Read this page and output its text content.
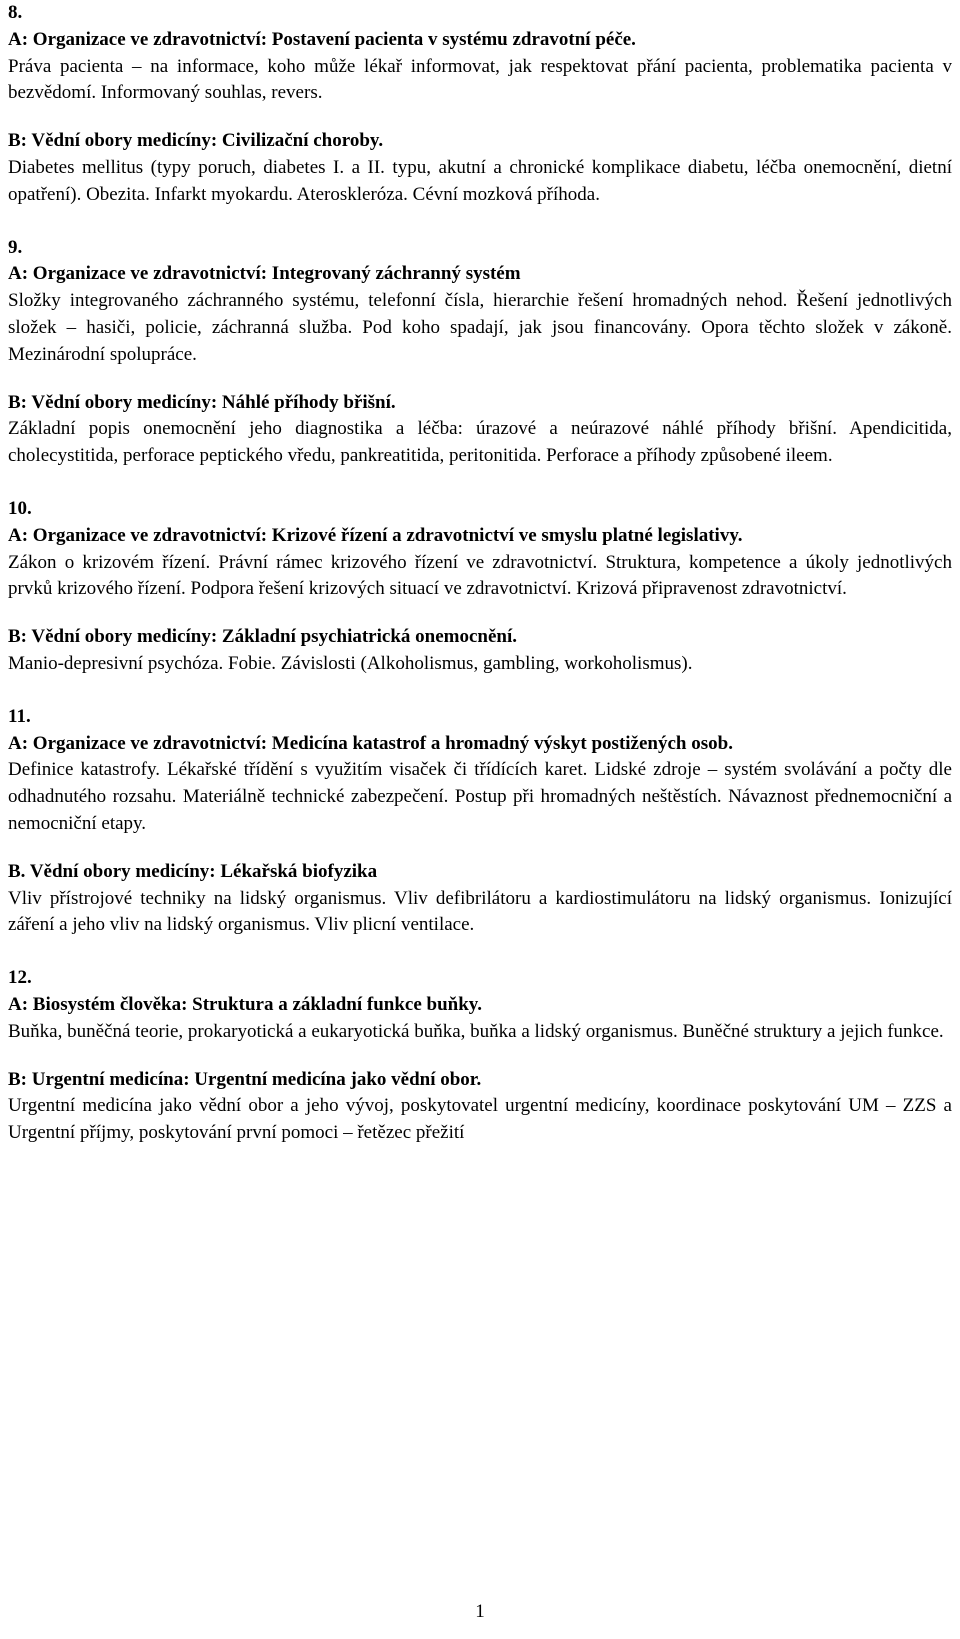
8.

A: Organizace ve zdravotnictví: Postavení pacienta v systému zdravotní péče.

Práva pacienta – na informace, koho může lékař informovat, jak respektovat přání pacienta, problematika pacienta v bezvědomí. Informovaný souhlas, revers.

B: Vědní obory medicíny: Civilizační choroby.

Diabetes mellitus (typy poruch, diabetes I. a II. typu, akutní a chronické komplikace diabetu, léčba onemocnění, dietní opatření). Obezita. Infarkt myokardu. Ateroskleróza. Cévní mozková příhoda.

9.

A: Organizace ve zdravotnictví: Integrovaný záchranný systém

Složky integrovaného záchranného systému, telefonní čísla, hierarchie řešení hromadných nehod. Řešení jednotlivých složek – hasiči, policie, záchranná služba. Pod koho spadají, jak jsou financovány. Opora těchto složek v zákoně. Mezinárodní spolupráce.

B: Vědní obory medicíny: Náhlé příhody břišní.

Základní popis onemocnění jeho diagnostika a léčba: úrazové a neúrazové náhlé příhody břišní. Apendicitida, cholecystitida, perforace peptického vředu, pankreatitida, peritonitida. Perforace a příhody způsobené ileem.

10.

A: Organizace ve zdravotnictví: Krizové řízení a zdravotnictví ve smyslu platné legislativy.

Zákon o krizovém řízení. Právní rámec krizového řízení ve zdravotnictví. Struktura, kompetence a úkoly jednotlivých prvků krizového řízení. Podpora řešení krizových situací ve zdravotnictví. Krizová připravenost zdravotnictví.

B: Vědní obory medicíny: Základní psychiatrická onemocnění.

Manio-depresivní psychóza. Fobie. Závislosti (Alkoholismus, gambling, workoholismus).

11.

A: Organizace ve zdravotnictví: Medicína katastrof a hromadný výskyt postižených osob.

Definice katastrofy. Lékařské třídění s využitím visaček či třídících karet. Lidské zdroje – systém svolávání a počty dle odhadnutého rozsahu. Materiálně technické zabezpečení. Postup při hromadných neštěstích. Návaznost přednemocniční a nemocniční etapy.

B. Vědní obory medicíny: Lékařská biofyzika

Vliv přístrojové techniky na lidský organismus. Vliv defibrilátoru a kardiostimulátoru na lidský organismus. Ionizující záření a jeho vliv na lidský organismus. Vliv plicní ventilace.

12.

A: Biosystém člověka: Struktura a základní funkce buňky.

Buňka, buněčná teorie, prokaryotická a eukaryotická buňka, buňka a lidský organismus. Buněčné struktury a jejich funkce.

B: Urgentní medicína: Urgentní medicína jako vědní obor.

Urgentní medicína jako vědní obor a jeho vývoj, poskytovatel urgentní medicíny, koordinace poskytování UM – ZZS a Urgentní příjmy, poskytování první pomoci – řetězec přežití

1
